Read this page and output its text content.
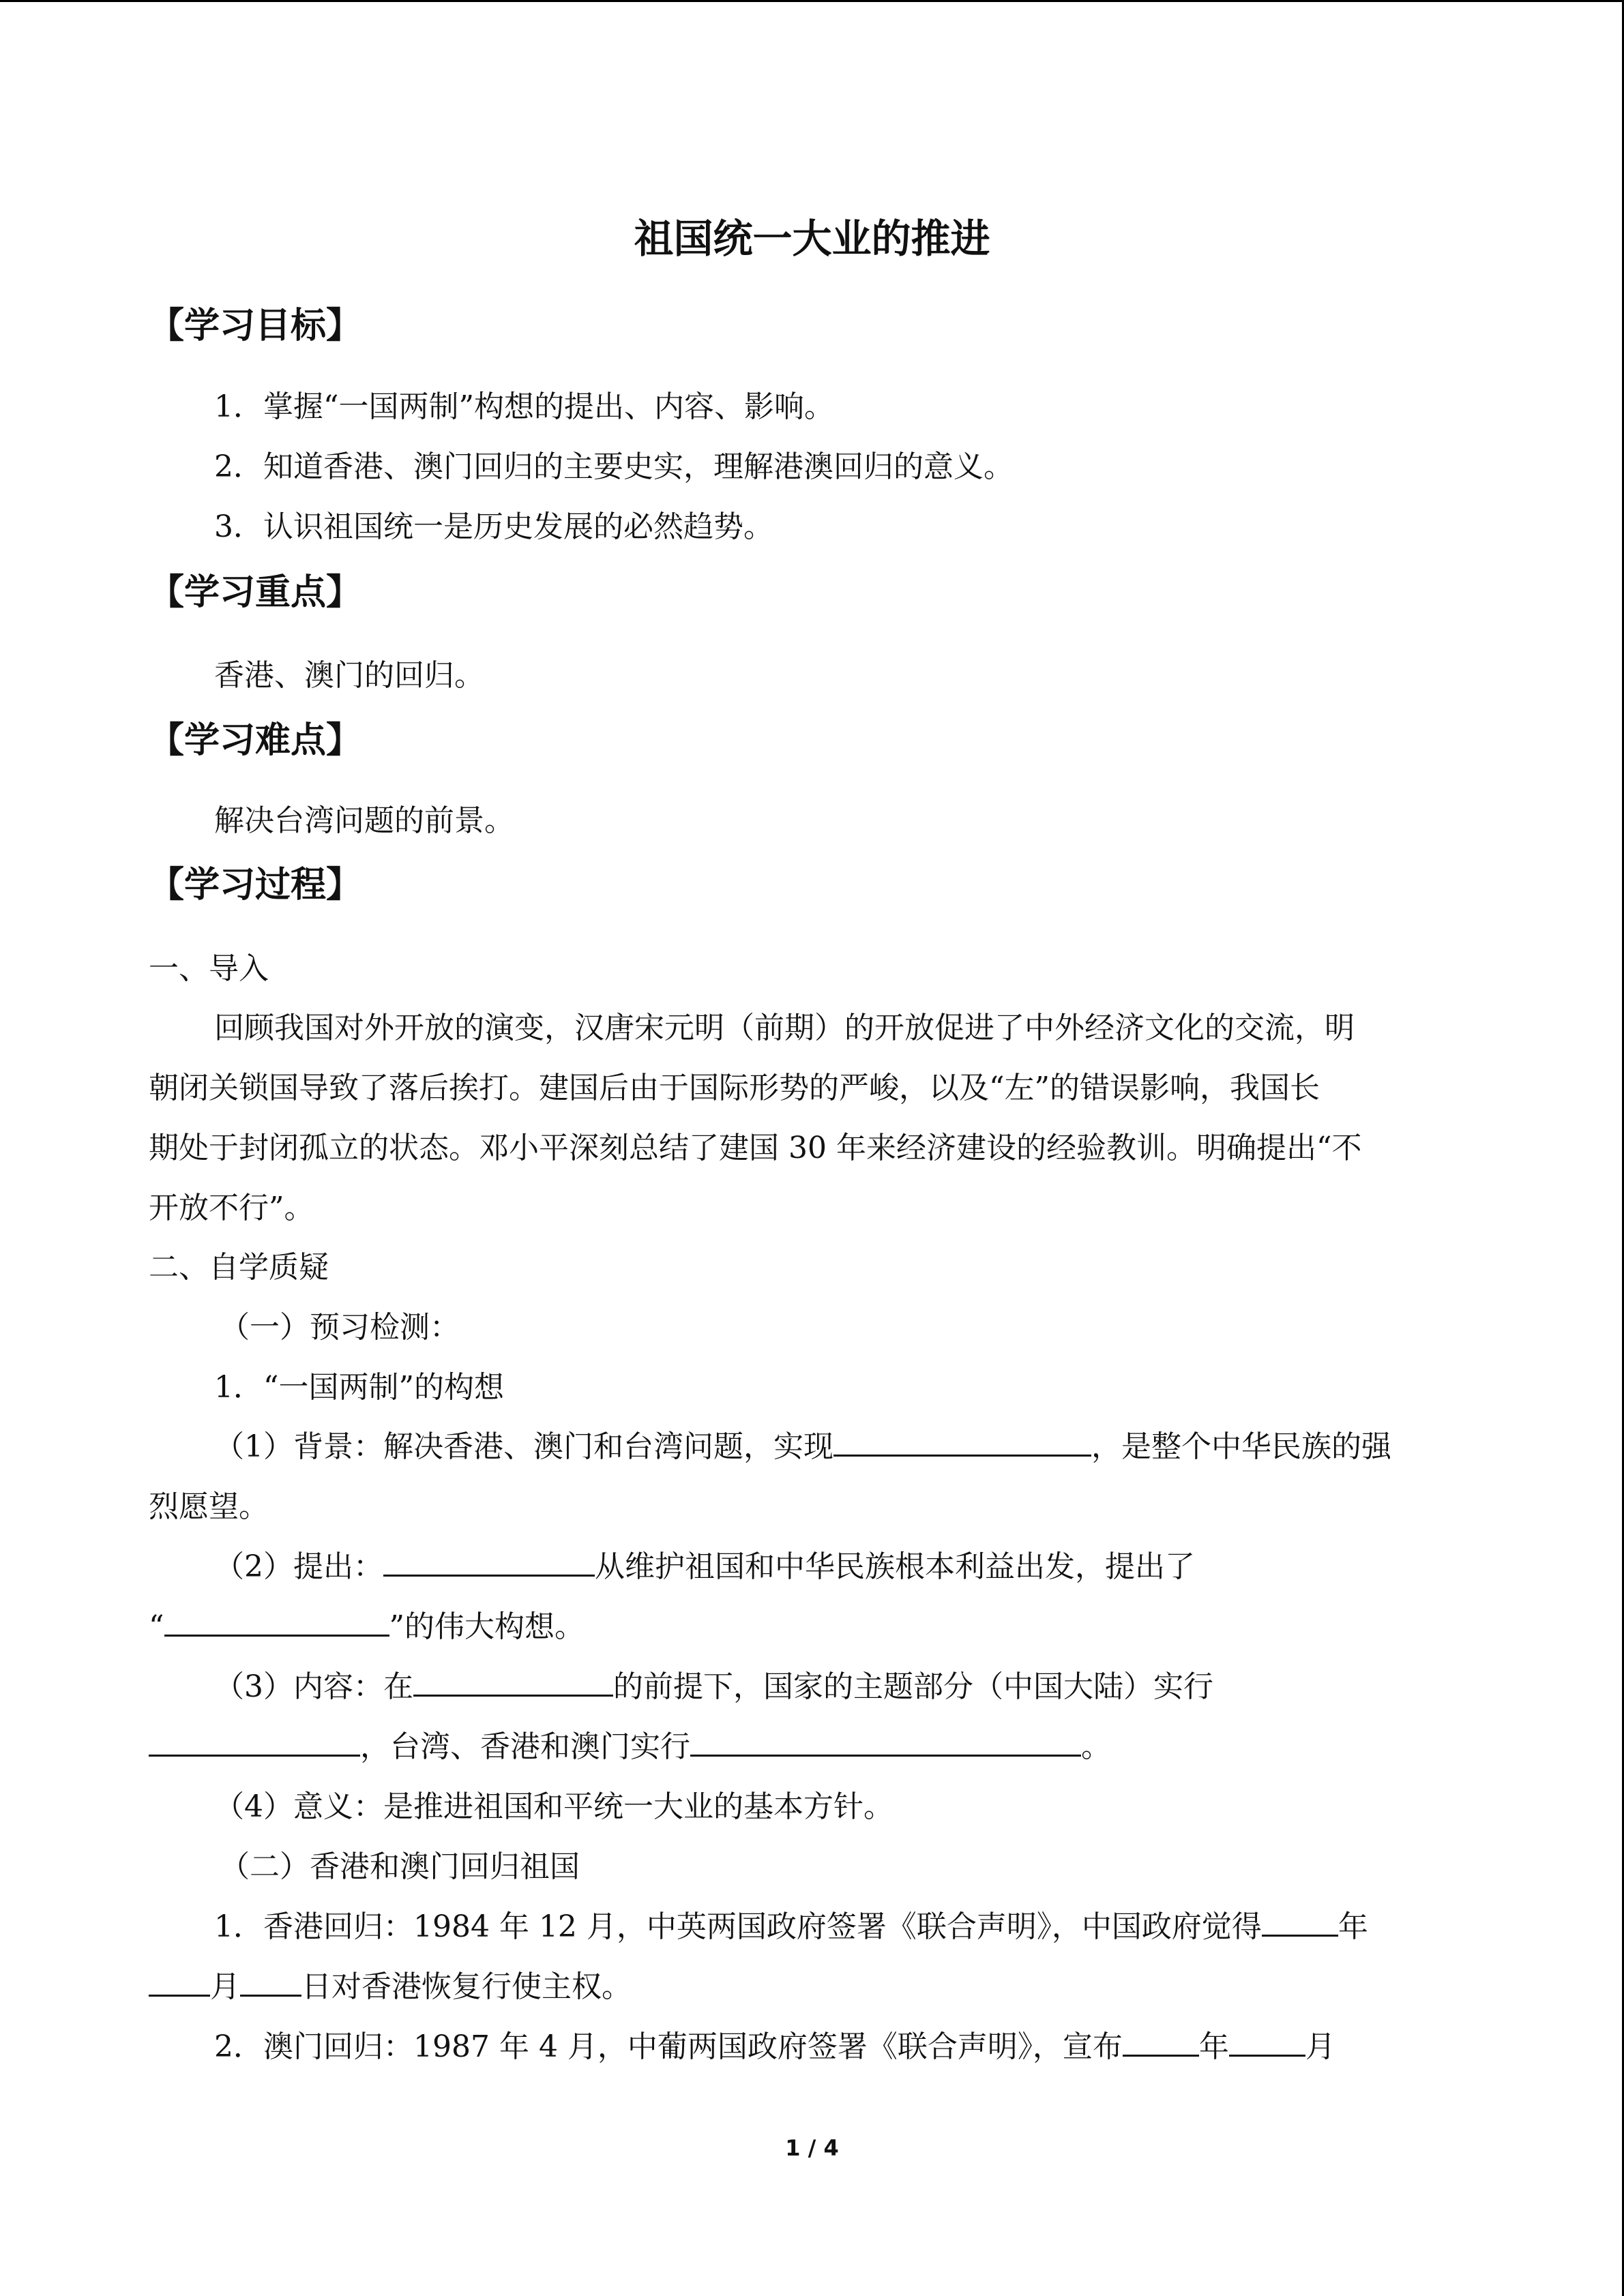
祖国统一大业的推进
【学习目标】
1．掌握“一国两制”构想的提出、内容、影响。
2．知道香港、澳门回归的主要史实，理解港澳回归的意义。
3．认识祖国统一是历史发展的必然趋势。
【学习重点】
香港、澳门的回归。
【学习难点】
解决台湾问题的前景。
【学习过程】
一、导入
回顾我国对外开放的演变，汉唐宋元明（前期）的开放促进了中外经济文化的交流，明
朝闭关锁国导致了落后挨打。建国后由于国际形势的严峻，以及“左”的错误影响，我国长
期处于封闭孤立的状态。邓小平深刻总结了建国 30 年来经济建设的经验教训。明确提出“不
开放不行”。
二、自学质疑
（一）预习检测：
1．“一国两制”的构想
（1）背景：解决香港、澳门和台湾问题，实现	，是整个中华民族的强
烈愿望。
（2）提出：	从维护祖国和中华民族根本利益出发，提出了
“	”的伟大构想。
（3）内容：在	的前提下，国家的主题部分（中国大陆）实行
，台湾、香港和澳门实行	。
（4）意义：是推进祖国和平统一大业的基本方针。
（二）香港和澳门回归祖国
1．香港回归：1984 年 12 月，中英两国政府签署《联合声明》，中国政府觉得	年
月 日对香港恢复行使主权。
2．澳门回归：1987 年 4 月，中葡两国政府签署《联合声明》，宣布	年	月
1 / 4
